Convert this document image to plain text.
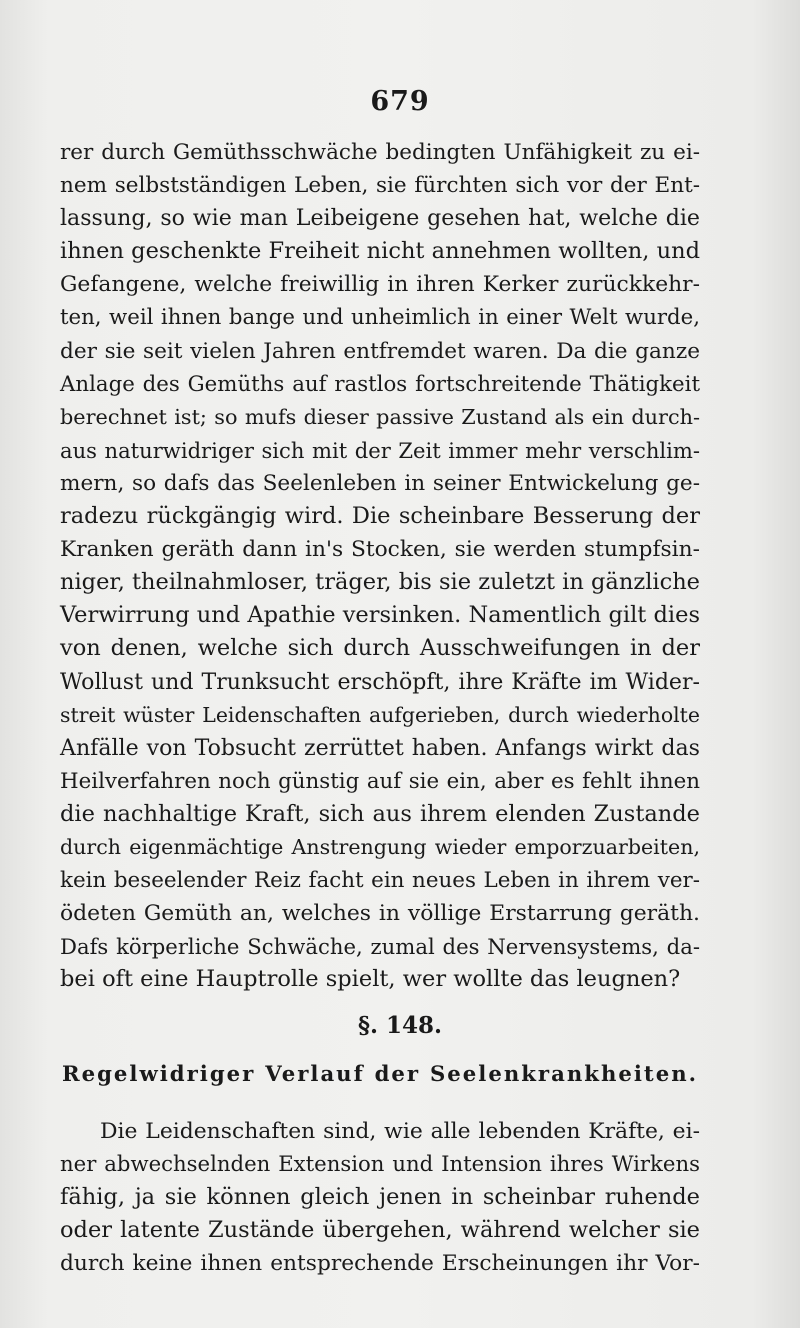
679
rer durch Gemüthsschwäche bedingten Unfähigkeit zu ei-
nem selbstständigen Leben, sie fürchten sich vor der Ent-
lassung, so wie man Leibeigene gesehen hat, welche die
ihnen geschenkte Freiheit nicht annehmen wollten, und
Gefangene, welche freiwillig in ihren Kerker zurückkehr-
ten, weil ihnen bange und unheimlich in einer Welt wurde,
der sie seit vielen Jahren entfremdet waren. Da die ganze
Anlage des Gemüths auf rastlos fortschreitende Thätigkeit
berechnet ist; so mufs dieser passive Zustand als ein durch-
aus naturwidriger sich mit der Zeit immer mehr verschlim-
mern, so dafs das Seelenleben in seiner Entwickelung ge-
radezu rückgängig wird. Die scheinbare Besserung der
Kranken geräth dann in's Stocken, sie werden stumpfsin-
niger, theilnahmloser, träger, bis sie zuletzt in gänzliche
Verwirrung und Apathie versinken. Namentlich gilt dies
von denen, welche sich durch Ausschweifungen in der
Wollust und Trunksucht erschöpft, ihre Kräfte im Wider-
streit wüster Leidenschaften aufgerieben, durch wiederholte
Anfälle von Tobsucht zerrüttet haben. Anfangs wirkt das
Heilverfahren noch günstig auf sie ein, aber es fehlt ihnen
die nachhaltige Kraft, sich aus ihrem elenden Zustande
durch eigenmächtige Anstrengung wieder emporzuarbeiten,
kein beseelender Reiz facht ein neues Leben in ihrem ver-
ödeten Gemüth an, welches in völlige Erstarrung geräth.
Dafs körperliche Schwäche, zumal des Nervensystems, da-
bei oft eine Hauptrolle spielt, wer wollte das leugnen?
§. 148.
Regelwidriger Verlauf der Seelenkrankheiten.
Die Leidenschaften sind, wie alle lebenden Kräfte, ei-
ner abwechselnden Extension und Intension ihres Wirkens
fähig, ja sie können gleich jenen in scheinbar ruhende
oder latente Zustände übergehen, während welcher sie
durch keine ihnen entsprechende Erscheinungen ihr Vor-
